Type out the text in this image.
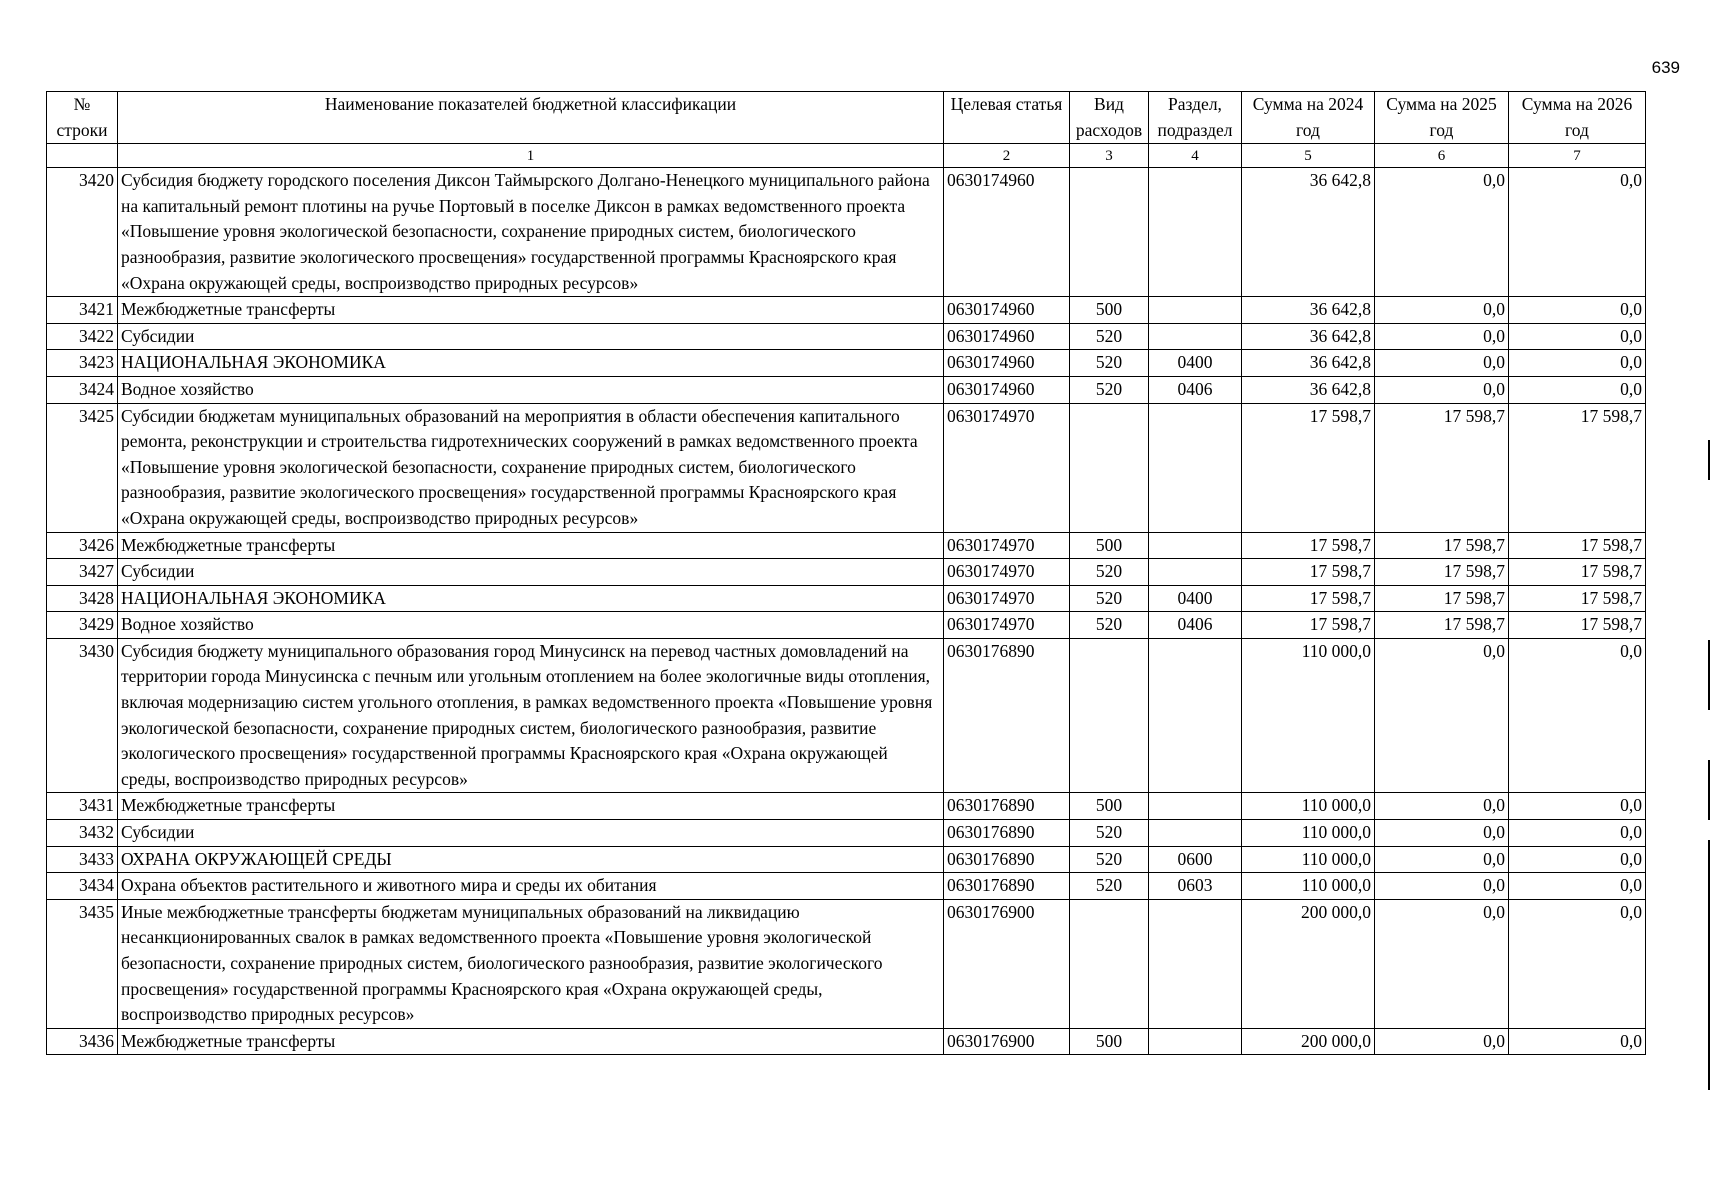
639
№ строки	Наименование показателей бюджетной классификации	Целевая статья	Вид расходов	Раздел, подраздел	Сумма на 2024 год	Сумма на 2025 год	Сумма на 2026 год
	1	2	3	4	5	6	7
3420	Субсидия бюджету городского поселения Диксон Таймырского Долгано-Ненецкого муниципального района на капитальный ремонт плотины на ручье Портовый в поселке Диксон в рамках ведомственного проекта «Повышение уровня экологической безопасности, сохранение природных систем, биологического разнообразия, развитие экологического просвещения» государственной программы Красноярского края «Охрана окружающей среды, воспроизводство природных ресурсов»	0630174960			36 642,8	0,0	0,0
3421	Межбюджетные трансферты	0630174960	500		36 642,8	0,0	0,0
3422	Субсидии	0630174960	520		36 642,8	0,0	0,0
3423	НАЦИОНАЛЬНАЯ ЭКОНОМИКА	0630174960	520	0400	36 642,8	0,0	0,0
3424	Водное хозяйство	0630174960	520	0406	36 642,8	0,0	0,0
3425	Субсидии бюджетам муниципальных образований на мероприятия в области обеспечения капитального ремонта, реконструкции и строительства гидротехнических сооружений в рамках ведомственного проекта «Повышение уровня экологической безопасности, сохранение природных систем, биологического разнообразия, развитие экологического просвещения» государственной программы Красноярского края «Охрана окружающей среды, воспроизводство природных ресурсов»	0630174970			17 598,7	17 598,7	17 598,7
3426	Межбюджетные трансферты	0630174970	500		17 598,7	17 598,7	17 598,7
3427	Субсидии	0630174970	520		17 598,7	17 598,7	17 598,7
3428	НАЦИОНАЛЬНАЯ ЭКОНОМИКА	0630174970	520	0400	17 598,7	17 598,7	17 598,7
3429	Водное хозяйство	0630174970	520	0406	17 598,7	17 598,7	17 598,7
3430	Субсидия бюджету муниципального образования город Минусинск на перевод частных домовладений на территории города Минусинска с печным или угольным отоплением на более экологичные виды отопления, включая модернизацию систем угольного отопления, в рамках ведомственного проекта «Повышение уровня экологической безопасности, сохранение природных систем, биологического разнообразия, развитие экологического просвещения» государственной программы Красноярского края «Охрана окружающей среды, воспроизводство природных ресурсов»	0630176890			110 000,0	0,0	0,0
3431	Межбюджетные трансферты	0630176890	500		110 000,0	0,0	0,0
3432	Субсидии	0630176890	520		110 000,0	0,0	0,0
3433	ОХРАНА ОКРУЖАЮЩЕЙ СРЕДЫ	0630176890	520	0600	110 000,0	0,0	0,0
3434	Охрана объектов растительного и животного мира и среды их обитания	0630176890	520	0603	110 000,0	0,0	0,0
3435	Иные межбюджетные трансферты бюджетам муниципальных образований на ликвидацию несанкционированных свалок в рамках ведомственного проекта «Повышение уровня экологической безопасности, сохранение природных систем, биологического разнообразия, развитие экологического просвещения» государственной программы Красноярского края «Охрана окружающей среды, воспроизводство природных ресурсов»	0630176900			200 000,0	0,0	0,0
3436	Межбюджетные трансферты	0630176900	500		200 000,0	0,0	0,0
